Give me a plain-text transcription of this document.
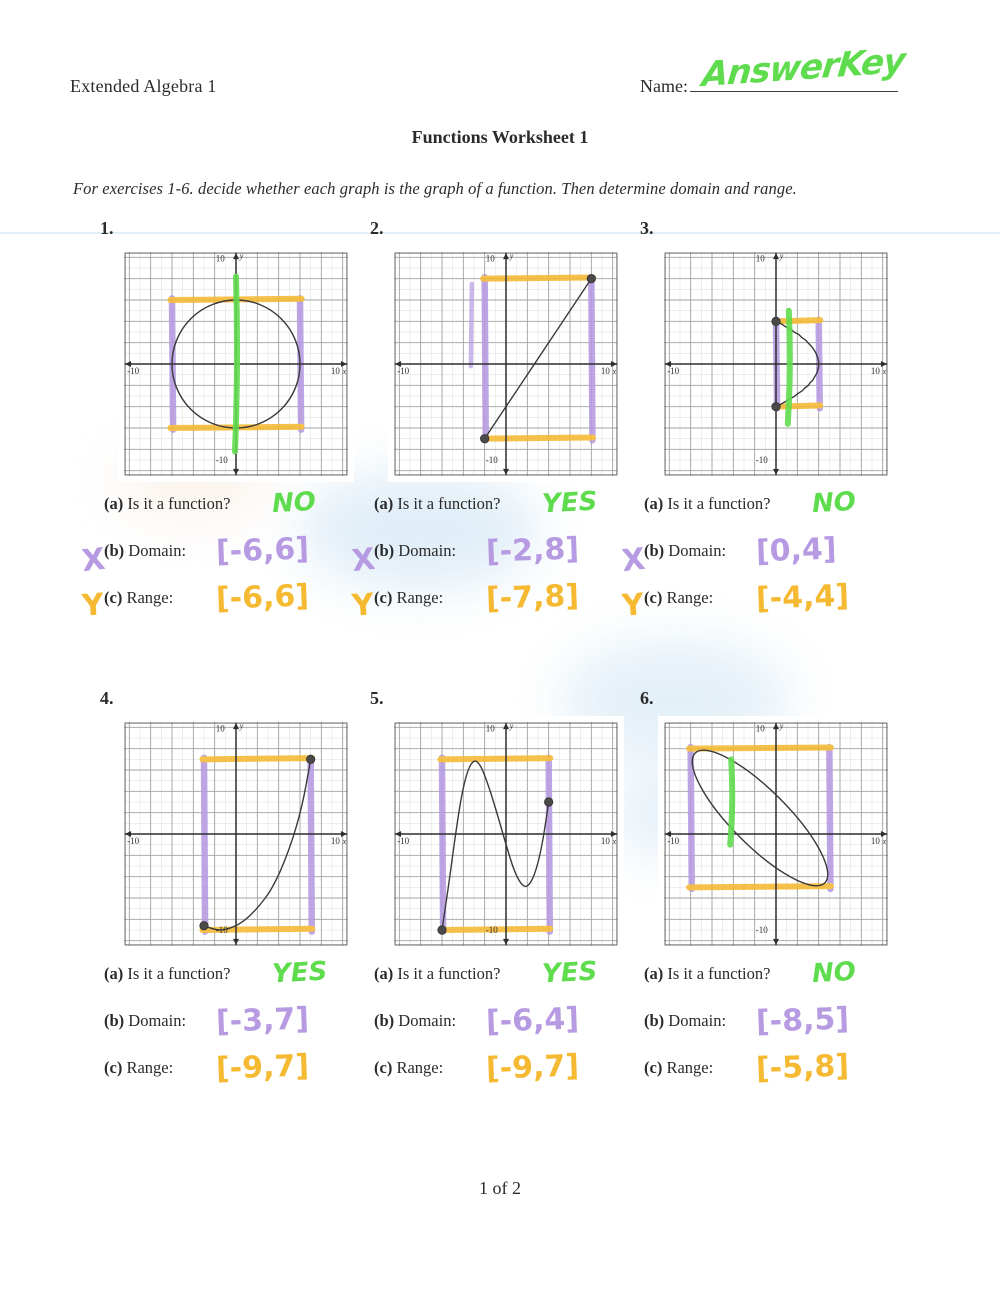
Extended Algebra 1	Name: AnswerKey
Functions Worksheet 1
For exercises 1-6. decide whether each graph is the graph of a function. Then determine domain and range.
1.
-10	10 x
10 y
-10
(a) Is it a function? NO
X
(b) Domain: [-6,6]
Y (c) Range: [-6,6]
2.
-10	10 x
10 y
-10
(a) Is it a function? YES
X
(b) Domain: [-2,8]
Y (c) Range: [-7,8]
3.
-10	10 x
10 y
-10
(a) Is it a function? NO
X
(b) Domain: [0,4]
Y (c) Range: [-4,4]
4.
-10	10 x
10 y
-10
(a) Is it a function? YES
(b) Domain: [-3,7]
(c) Range: [-9,7]
5.
-10	10 x
10 y
-10
(a) Is it a function? YES
(b) Domain: [-6,4]
(c) Range: [-9,7]
6.
-10	10 x
10 y
-10
(a) Is it a function? NO
(b) Domain: [-8,5]
(c) Range: [-5,8]
1 of 2
